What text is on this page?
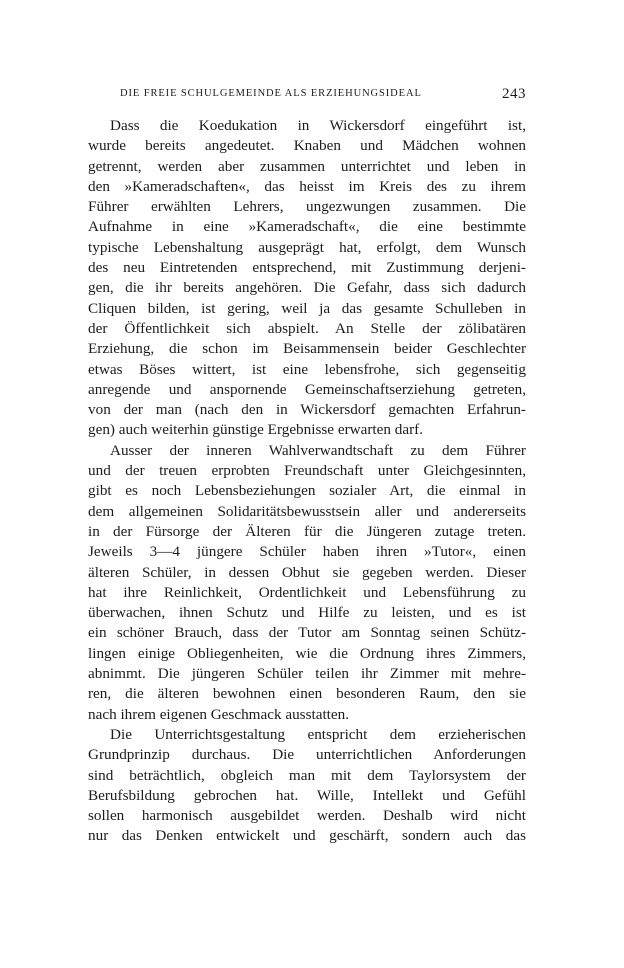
DIE FREIE SCHULGEMEINDE ALS ERZIEHUNGSIDEAL	243
Dass die Koedukation in Wickersdorf eingeführt ist,
wurde bereits angedeutet. Knaben und Mädchen wohnen
getrennt, werden aber zusammen unterrichtet und leben in
den »Kameradschaften«, das heisst im Kreis des zu ihrem
Führer erwählten Lehrers, ungezwungen zusammen. Die
Aufnahme in eine »Kameradschaft«, die eine bestimmte
typische Lebenshaltung ausgeprägt hat, erfolgt, dem Wunsch
des neu Eintretenden entsprechend, mit Zustimmung derjeni-
gen, die ihr bereits angehören. Die Gefahr, dass sich dadurch
Cliquen bilden, ist gering, weil ja das gesamte Schulleben in
der Öffentlichkeit sich abspielt. An Stelle der zölibatären
Erziehung, die schon im Beisammensein beider Geschlechter
etwas Böses wittert, ist eine lebensfrohe, sich gegenseitig
anregende und anspornende Gemeinschaftserziehung getreten,
von der man (nach den in Wickersdorf gemachten Erfahrun-
gen) auch weiterhin günstige Ergebnisse erwarten darf.
Ausser der inneren Wahlverwandtschaft zu dem Führer
und der treuen erprobten Freundschaft unter Gleichgesinnten,
gibt es noch Lebensbeziehungen sozialer Art, die einmal in
dem allgemeinen Solidaritätsbewusstsein aller und andererseits
in der Fürsorge der Älteren für die Jüngeren zutage treten.
Jeweils 3—4 jüngere Schüler haben ihren »Tutor«, einen
älteren Schüler, in dessen Obhut sie gegeben werden. Dieser
hat ihre Reinlichkeit, Ordentlichkeit und Lebensführung zu
überwachen, ihnen Schutz und Hilfe zu leisten, und es ist
ein schöner Brauch, dass der Tutor am Sonntag seinen Schütz-
lingen einige Obliegenheiten, wie die Ordnung ihres Zimmers,
abnimmt. Die jüngeren Schüler teilen ihr Zimmer mit mehre-
ren, die älteren bewohnen einen besonderen Raum, den sie
nach ihrem eigenen Geschmack ausstatten.
Die Unterrichtsgestaltung entspricht dem erzieherischen
Grundprinzip durchaus. Die unterrichtlichen Anforderungen
sind beträchtlich, obgleich man mit dem Taylorsystem der
Berufsbildung gebrochen hat. Wille, Intellekt und Gefühl
sollen harmonisch ausgebildet werden. Deshalb wird nicht
nur das Denken entwickelt und geschärft, sondern auch das
